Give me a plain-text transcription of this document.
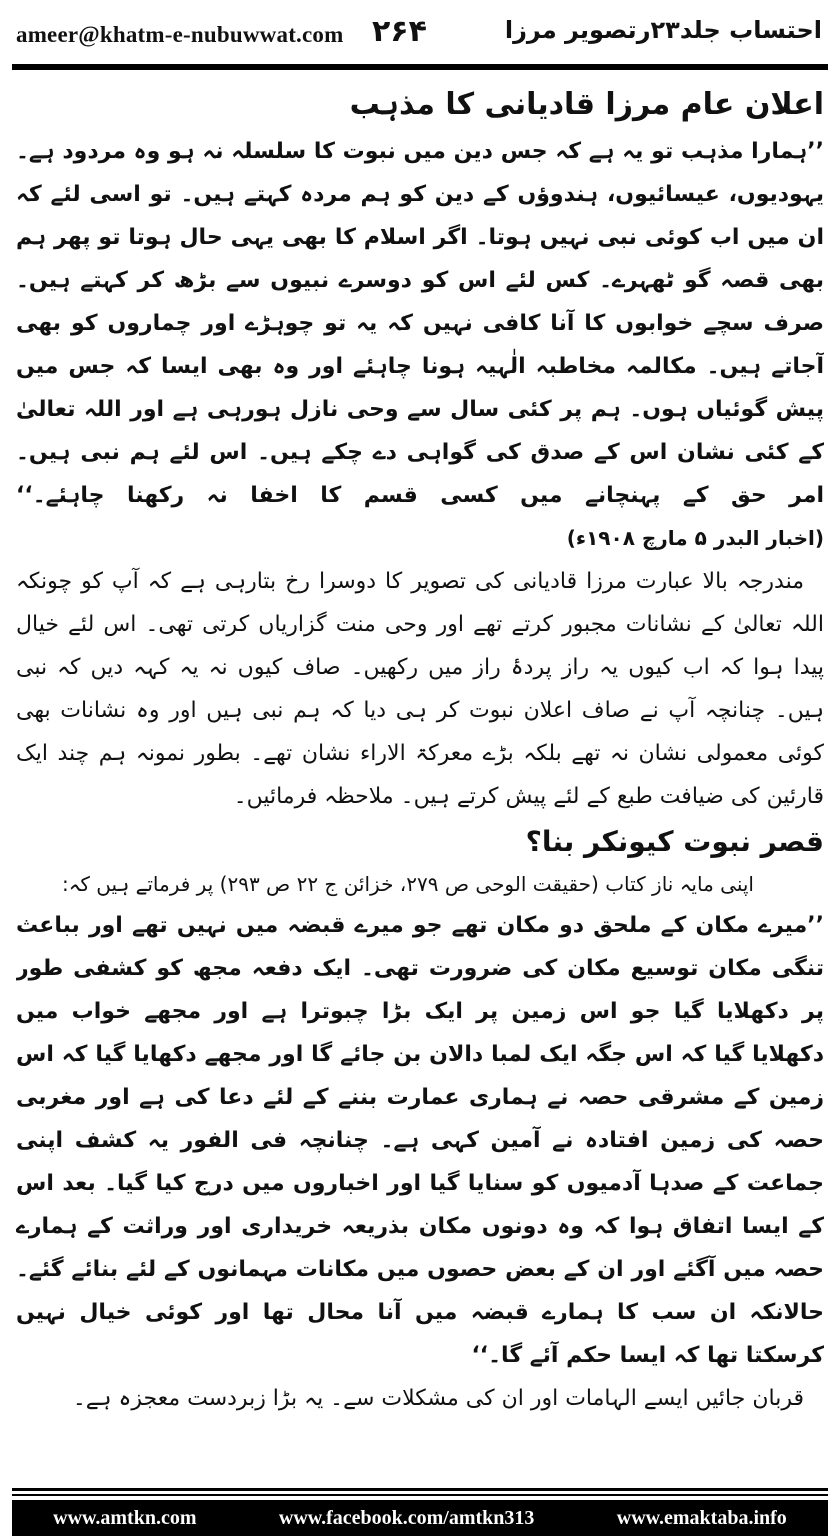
ameer@khatm-e-nubuwwat.com ۲۶۴	احتساب جلد۲۳رتصویر مرزا
اعلان عام مرزا قادیانی کا مذہب

’’ہمارا مذہب تو یہ ہے کہ جس دین میں نبوت کا سلسلہ نہ ہو وہ مردود ہے۔ یہودیوں، عیسائیوں، ہندوؤں کے دین کو ہم مردہ کہتے ہیں۔ تو اسی لئے کہ ان میں اب کوئی نبی نہیں ہوتا۔ اگر اسلام کا بھی یہی حال ہوتا تو پھر ہم بھی قصہ گو ٹھہرے۔ کس لئے اس کو دوسرے نبیوں سے بڑھ کر کہتے ہیں۔ صرف سچے خوابوں کا آنا کافی نہیں کہ یہ تو چوہڑے اور چماروں کو بھی آجاتے ہیں۔ مکالمہ مخاطبہ الٰہیہ ہونا چاہئے اور وہ بھی ایسا کہ جس میں پیش گوئیاں ہوں۔ ہم پر کئی سال سے وحی نازل ہورہی ہے اور اللہ تعالیٰ کے کئی نشان اس کے صدق کی گواہی دے چکے ہیں۔ اس لئے ہم نبی ہیں۔ امر حق کے پہنچانے میں کسی قسم کا اخفا نہ رکھنا چاہئے۔‘‘ (اخبار البدر ۵ مارچ ۱۹۰۸ء)

مندرجہ بالا عبارت مرزا قادیانی کی تصویر کا دوسرا رخ بتارہی ہے کہ آپ کو چونکہ اللہ تعالیٰ کے نشانات مجبور کرتے تھے اور وحی منت گزاریاں کرتی تھی۔ اس لئے خیال پیدا ہوا کہ اب کیوں یہ راز پردۂ راز میں رکھیں۔ صاف کیوں نہ یہ کہہ دیں کہ نبی ہیں۔ چنانچہ آپ نے صاف اعلان نبوت کر ہی دیا کہ ہم نبی ہیں اور وہ نشانات بھی کوئی معمولی نشان نہ تھے بلکہ بڑے معرکۃ الاراء نشان تھے۔ بطور نمونہ ہم چند ایک قارئین کی ضیافت طبع کے لئے پیش کرتے ہیں۔ ملاحظہ فرمائیں۔

قصر نبوت کیونکر بنا؟

اپنی مایہ ناز کتاب (حقیقت الوحی ص ۲۷۹، خزائن ج ۲۲ ص ۲۹۳) پر فرماتے ہیں کہ:

’’میرے مکان کے ملحق دو مکان تھے جو میرے قبضہ میں نہیں تھے اور بباعث تنگی مکان توسیع مکان کی ضرورت تھی۔ ایک دفعہ مجھ کو کشفی طور پر دکھلایا گیا جو اس زمین پر ایک بڑا چبوترا ہے اور مجھے خواب میں دکھلایا گیا کہ اس جگہ ایک لمبا دالان بن جائے گا اور مجھے دکھایا گیا کہ اس زمین کے مشرقی حصہ نے ہماری عمارت بننے کے لئے دعا کی ہے اور مغربی حصہ کی زمین افتادہ نے آمین کہی ہے۔ چنانچہ فی الفور یہ کشف اپنی جماعت کے صدہا آدمیوں کو سنایا گیا اور اخباروں میں درج کیا گیا۔ بعد اس کے ایسا اتفاق ہوا کہ وہ دونوں مکان بذریعہ خریداری اور وراثت کے ہمارے حصہ میں آگئے اور ان کے بعض حصوں میں مکانات مہمانوں کے لئے بنائے گئے۔ حالانکہ ان سب کا ہمارے قبضہ میں آنا محال تھا اور کوئی خیال نہیں کرسکتا تھا کہ ایسا حکم آئے گا۔‘‘

قربان جائیں ایسے الہامات اور ان کی مشکلات سے۔ یہ بڑا زبردست معجزہ ہے۔

www.amtkn.com	www.facebook.com/amtkn313	www.emaktaba.info
